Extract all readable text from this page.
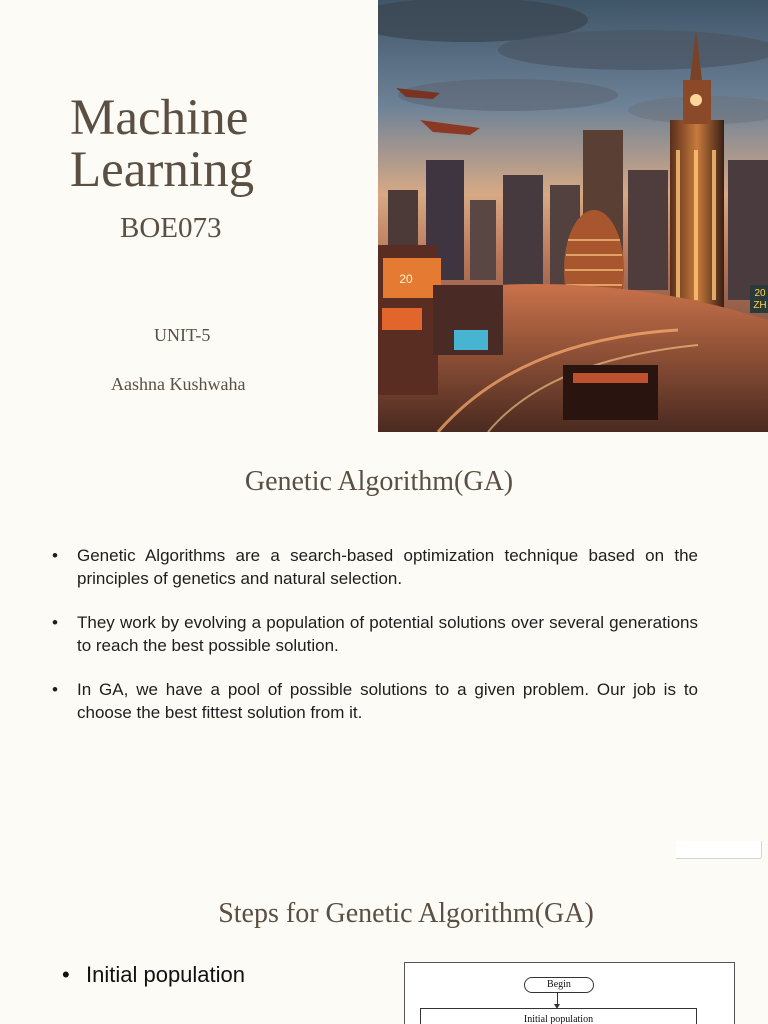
Machine
Learning
BOE073
UNIT-5
Aashna Kushwaha
20
20
ZH
Genetic Algorithm(GA)
• Genetic Algorithms are a search-based optimization technique based on the principles of genetics and natural selection.
• They work by evolving a population of potential solutions over several generations to reach the best possible solution.
• In GA, we have a pool of possible solutions to a given problem. Our job is to choose the best fittest solution from it.
Steps for Genetic Algorithm(GA)
• Initial population	Begin
Initial population
